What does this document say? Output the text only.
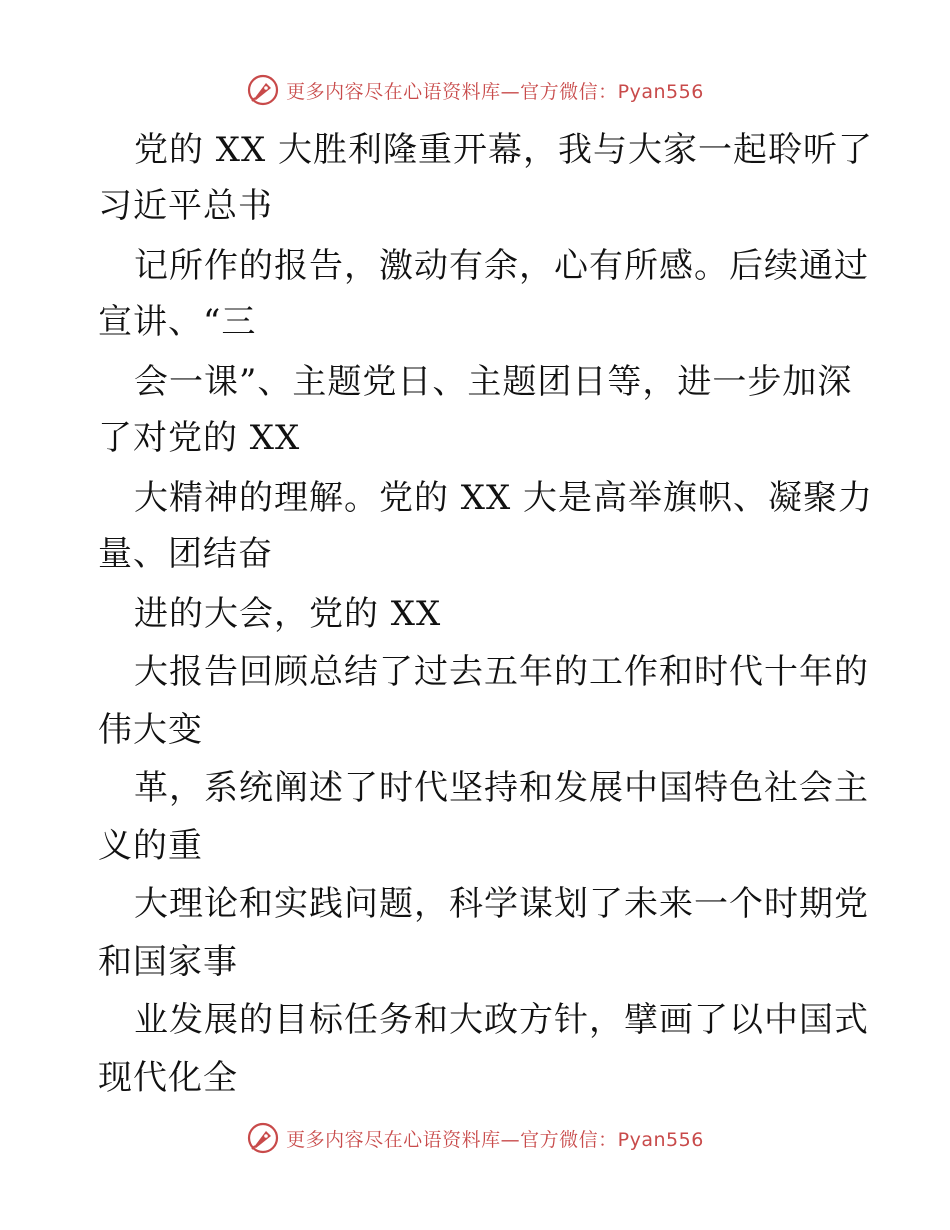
更多内容尽在心语资料库—官方微信：Pyan556
党的 XX 大胜利隆重开幕，我与大家一起聆听了
习近平总书
记所作的报告，激动有余，心有所感。后续通过
宣讲、“三
会一课”、主题党日、主题团日等，进一步加深
了对党的 XX
大精神的理解。党的 XX 大是高举旗帜、凝聚力
量、团结奋
进的大会，党的 XX
大报告回顾总结了过去五年的工作和时代十年的
伟大变
革，系统阐述了时代坚持和发展中国特色社会主
义的重
大理论和实践问题，科学谋划了未来一个时期党
和国家事
业发展的目标任务和大政方针，擘画了以中国式
现代化全
更多内容尽在心语资料库—官方微信：Pyan556
